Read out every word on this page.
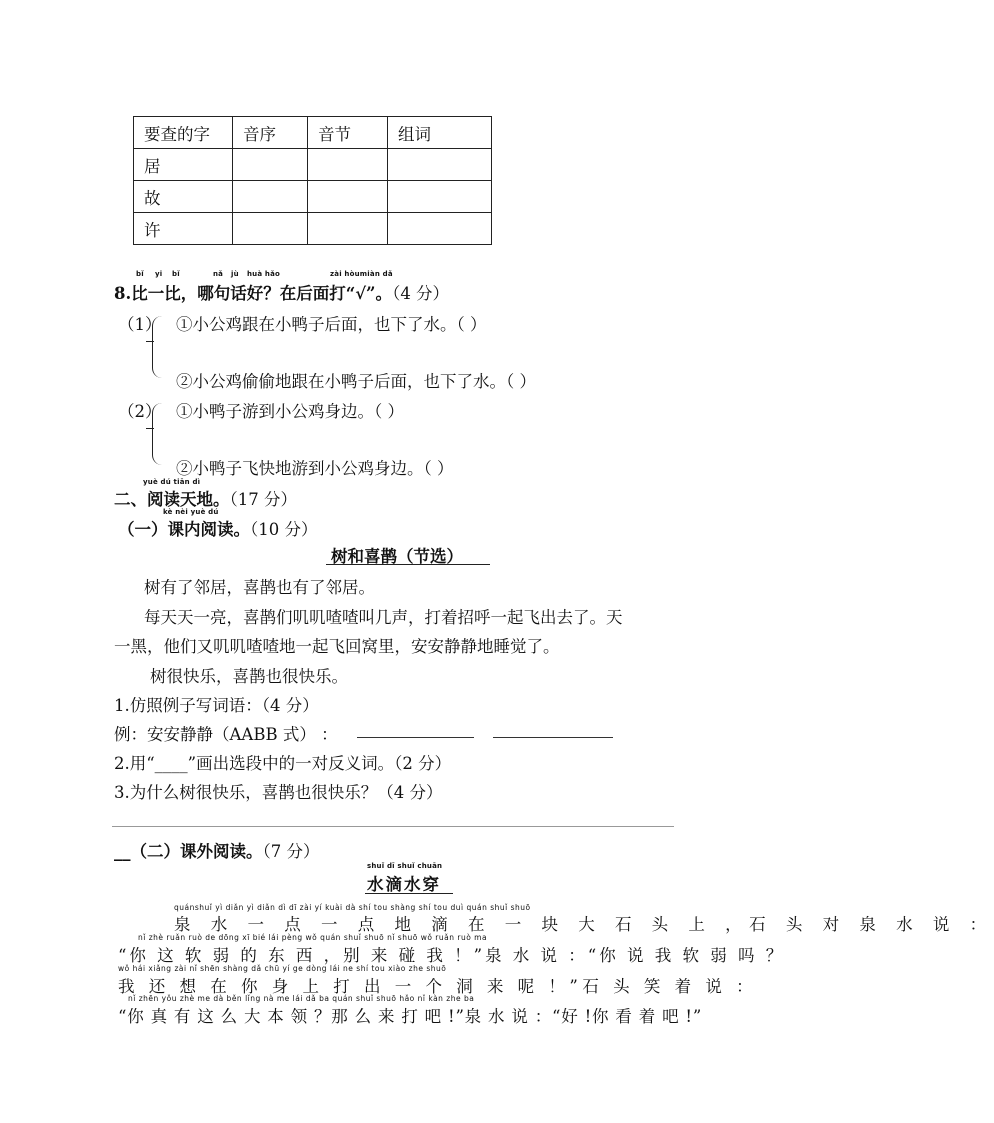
要查的字	音序	音节	组词
居			
故			
许			
bǐ yi bǐ	nǎ jù huà hǎo	zài hòumiàn dǎ
8.比一比，哪句话好？在后面打“√”。（4 分）
（1） ①小公鸡跟在小鸭子后面，也下了水。（ ）
②小公鸡偷偷地跟在小鸭子后面，也下了水。（ ）
（2） ①小鸭子游到小公鸡身边。（ ）
②小鸭子飞快地游到小公鸡身边。（ ）
yuè dú tiān dì
二、阅读天地。（17 分）
kè nèi yuè dú
（一）课内阅读。（10 分）
树和喜鹊（节选）
树有了邻居，喜鹊也有了邻居。
每天天一亮，喜鹊们叽叽喳喳叫几声，打着招呼一起飞出去了。天
一黑，他们又叽叽喳喳地一起飞回窝里，安安静静地睡觉了。
树很快乐，喜鹊也很快乐。
1.仿照例子写词语：（4 分）
例：安安静静（AABB 式） ：
2.用“____”画出选段中的一对反义词。（2 分）
3.为什么树很快乐，喜鹊也很快乐？（4 分）
__（二）课外阅读。（7 分）
shuǐ dī shuǐ chuān
水滴水穿
quánshuǐ yì diǎn yì diǎn dì dī zài yí kuài dà shí tou shàng shí tou duì quán shuǐ shuō
泉 水 一 点 一 点 地 滴 在 一 块 大 石 头 上 ，石 头 对 泉 水 说 ：
nǐ zhè ruǎn ruò de dōng xī bié lái pèng wǒ quán shuǐ shuō nǐ shuō wǒ ruǎn ruò ma
“你 这 软 弱 的 东 西 ，别 来 碰 我 ！”泉 水 说 ：“你 说 我 软 弱 吗 ？
wǒ hái xiǎng zài nǐ shēn shàng dǎ chū yí ge dòng lái ne shí tou xiào zhe shuō
我 还 想 在 你 身 上 打 出 一 个 洞 来 呢 ！”石 头 笑 着 说 ：
nǐ zhēn yǒu zhè me dà běn lǐng nà me lái dǎ ba quán shuǐ shuō hǎo nǐ kàn zhe ba
“你 真 有 这 么 大 本 领 ？那 么 来 打 吧 !”泉 水 说 ：“好 !你 看 着 吧 !”
